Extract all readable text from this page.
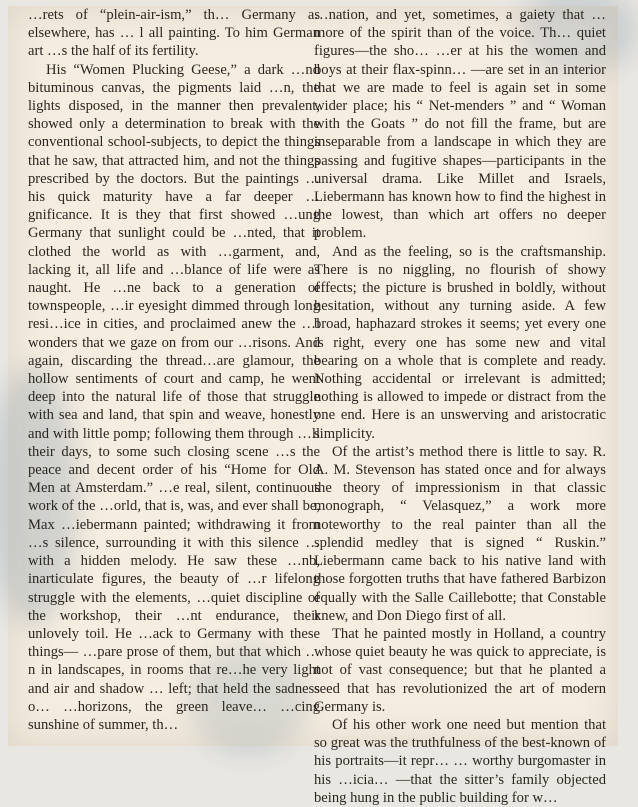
…rets of “plein-air-ism,” th… Germany as elsewhere, has … l all painting. To him German art …s the half of its fertility.

His “Women Plucking Geese,” a dark …nd bituminous canvas, the pigments laid …n, the lights disposed, in the manner then prevalent, showed only a determination to break with the conventional school-subjects, to depict the things that he saw, that attracted him, and not the things prescribed by the doctors. But the paintings … his quick maturity have a far deeper …gnificance. It is they that first showed …ung Germany that sunlight could be …nted, that it clothed the world as with …garment, and, lacking it, all life and …blance of life were as naught. He …ne back to a generation of townspeople, …ir eyesight dimmed through long resi…ice in cities, and proclaimed anew the …l wonders that we gaze on from our …risons. And again, discarding the thread…are glamour, the hollow sentiments of court and camp, he went deep into the natural life of those that struggle with sea and land, that spin and weave, honestly and with little pomp; following them through …ll their days, to some such closing scene …s the peace and decent order of his “Home for Old Men at Amsterdam.” …e real, silent, continuous work of the …orld, that is, was, and ever shall be, Max …iebermann painted; withdrawing it from …s silence, surrounding it with this silence … with a hidden melody. He saw these …nb, inarticulate figures, the beauty of …r lifelong struggle with the elements, …quiet discipline of the workshop, their …nt endurance, their unlovely toil. He …ack to Germany with these things— …pare prose of them, but that which …n in landscapes, in rooms that re…he very light and air and shadow … left; that held the sadness o… …horizons, the green leave… …cing sunshine of summer, th…

…nation, and yet, sometimes, a gaiety that … more of the spirit than of the voice. Th… quiet figures—the sho… …er at his the women and boys at their flax-spinn… —are set in an interior that we are made to feel is again set in some wider place; his “ Net-menders ” and “ Woman with the Goats ” do not fill the frame, but are inseparable from a landscape in which they are passing and fugitive shapes—participants in the universal drama. Like Millet and Israels, Liebermann has known how to find the highest in the lowest, than which art offers no deeper problem.

And as the feeling, so is the craftsmanship. There is no niggling, no flourish of showy effects; the picture is brushed in boldly, without hesitation, without any turning aside. A few broad, haphazard strokes it seems; yet every one is right, every one has some new and vital bearing on a whole that is complete and ready. Nothing accidental or irrelevant is admitted; nothing is allowed to impede or distract from the one end. Here is an unswerving and aristocratic simplicity.

Of the artist’s method there is little to say. R. A. M. Stevenson has stated once and for always the theory of impressionism in that classic monograph, “ Velasquez,” a work more noteworthy to the real painter than all the splendid medley that is signed “ Ruskin.” Liebermann came back to his native land with those forgotten truths that have fathered Barbizon equally with the Salle Caillebotte; that Constable knew, and Don Diego first of all.

That he painted mostly in Holland, a country whose quiet beauty he was quick to appreciate, is not of vast consequence; but that he planted a seed that has revolutionized the art of modern Germany is.

Of his other work one need but mention that so great was the truthfulness of the best-known of his portraits—it repr… … worthy burgomaster in his …icia… —that the sitter’s family objected being hung in the public building for w…
